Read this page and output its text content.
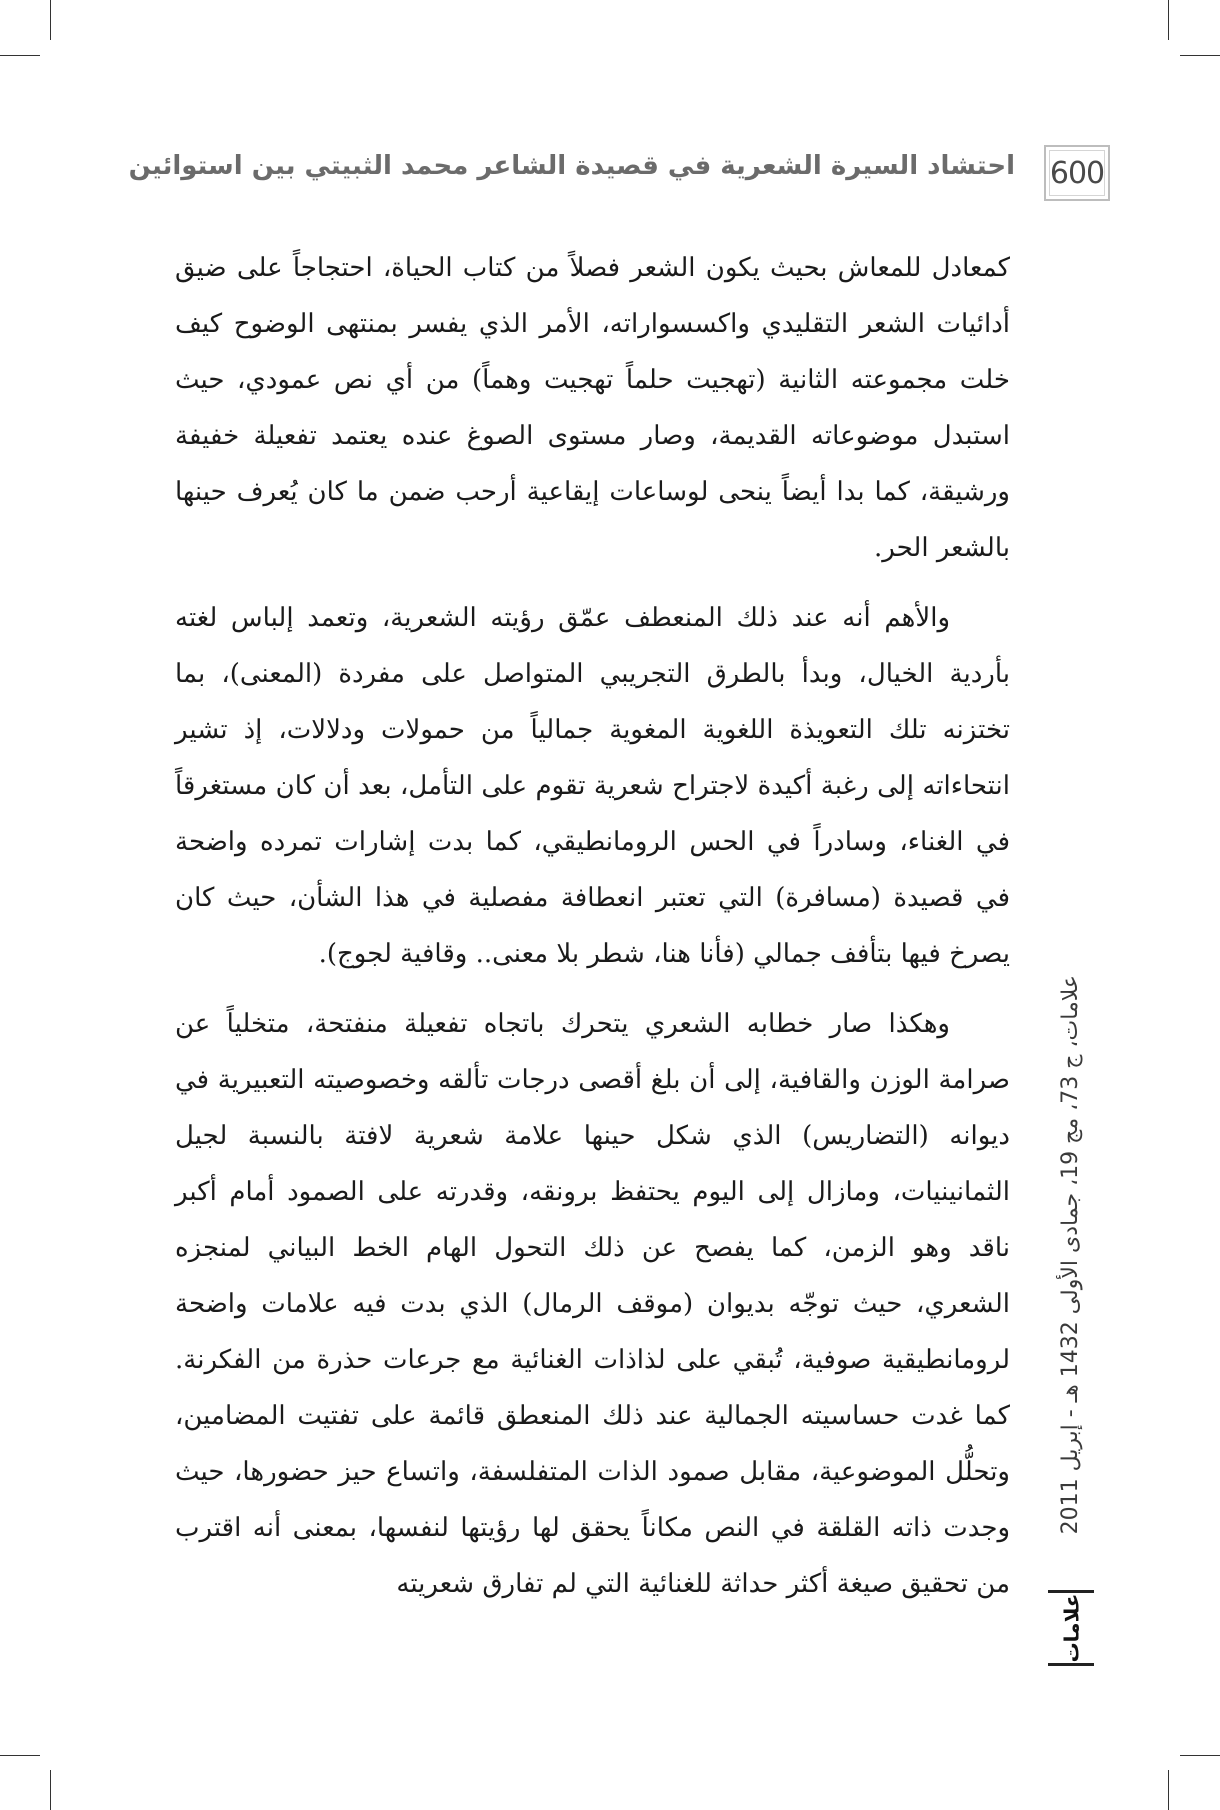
600
احتشاد السيرة الشعرية في قصيدة الشاعر محمد الثبيتي بين استوائين

كمعادل للمعاش بحيث يكون الشعر فصلاً من كتاب الحياة، احتجاجاً على ضيق أدائيات الشعر التقليدي واكسسواراته، الأمر الذي يفسر بمنتهى الوضوح كيف خلت مجموعته الثانية (تهجيت حلماً تهجيت وهماً) من أي نص عمودي، حيث استبدل موضوعاته القديمة، وصار مستوى الصوغ عنده يعتمد تفعيلة خفيفة ورشيقة، كما بدا أيضاً ينحى لوساعات إيقاعية أرحب ضمن ما كان يُعرف حينها بالشعر الحر.

والأهم أنه عند ذلك المنعطف عمّق رؤيته الشعرية، وتعمد إلباس لغته بأردية الخيال، وبدأ بالطرق التجريبي المتواصل على مفردة (المعنى)، بما تختزنه تلك التعويذة اللغوية المغوية جمالياً من حمولات ودلالات، إذ تشير انتحاءاته إلى رغبة أكيدة لاجتراح شعرية تقوم على التأمل، بعد أن كان مستغرقاً في الغناء، وسادراً في الحس الرومانطيقي، كما بدت إشارات تمرده واضحة في قصيدة (مسافرة) التي تعتبر انعطافة مفصلية في هذا الشأن، حيث كان يصرخ فيها بتأفف جمالي (فأنا هنا، شطر بلا معنى.. وقافية لجوج).

وهكذا صار خطابه الشعري يتحرك باتجاه تفعيلة منفتحة، متخلياً عن صرامة الوزن والقافية، إلى أن بلغ أقصى درجات تألقه وخصوصيته التعبيرية في ديوانه (التضاريس) الذي شكل حينها علامة شعرية لافتة بالنسبة لجيل الثمانينيات، ومازال إلى اليوم يحتفظ برونقه، وقدرته على الصمود أمام أكبر ناقد وهو الزمن، كما يفصح عن ذلك التحول الهام الخط البياني لمنجزه الشعري، حيث توجّه بديوان (موقف الرمال) الذي بدت فيه علامات واضحة لرومانطيقية صوفية، تُبقي على لذاذات الغنائية مع جرعات حذرة من الفكرنة. كما غدت حساسيته الجمالية عند ذلك المنعطق قائمة على تفتيت المضامين، وتحلُّل الموضوعية، مقابل صمود الذات المتفلسفة، واتساع حيز حضورها، حيث وجدت ذاته القلقة في النص مكاناً يحقق لها رؤيتها لنفسها، بمعنى أنه اقترب من تحقيق صيغة أكثر حداثة للغنائية التي لم تفارق شعريته

علامات، ج 73، مج 19، جمادى الأولى 1432 هـ - إبريل 2011
علامات
